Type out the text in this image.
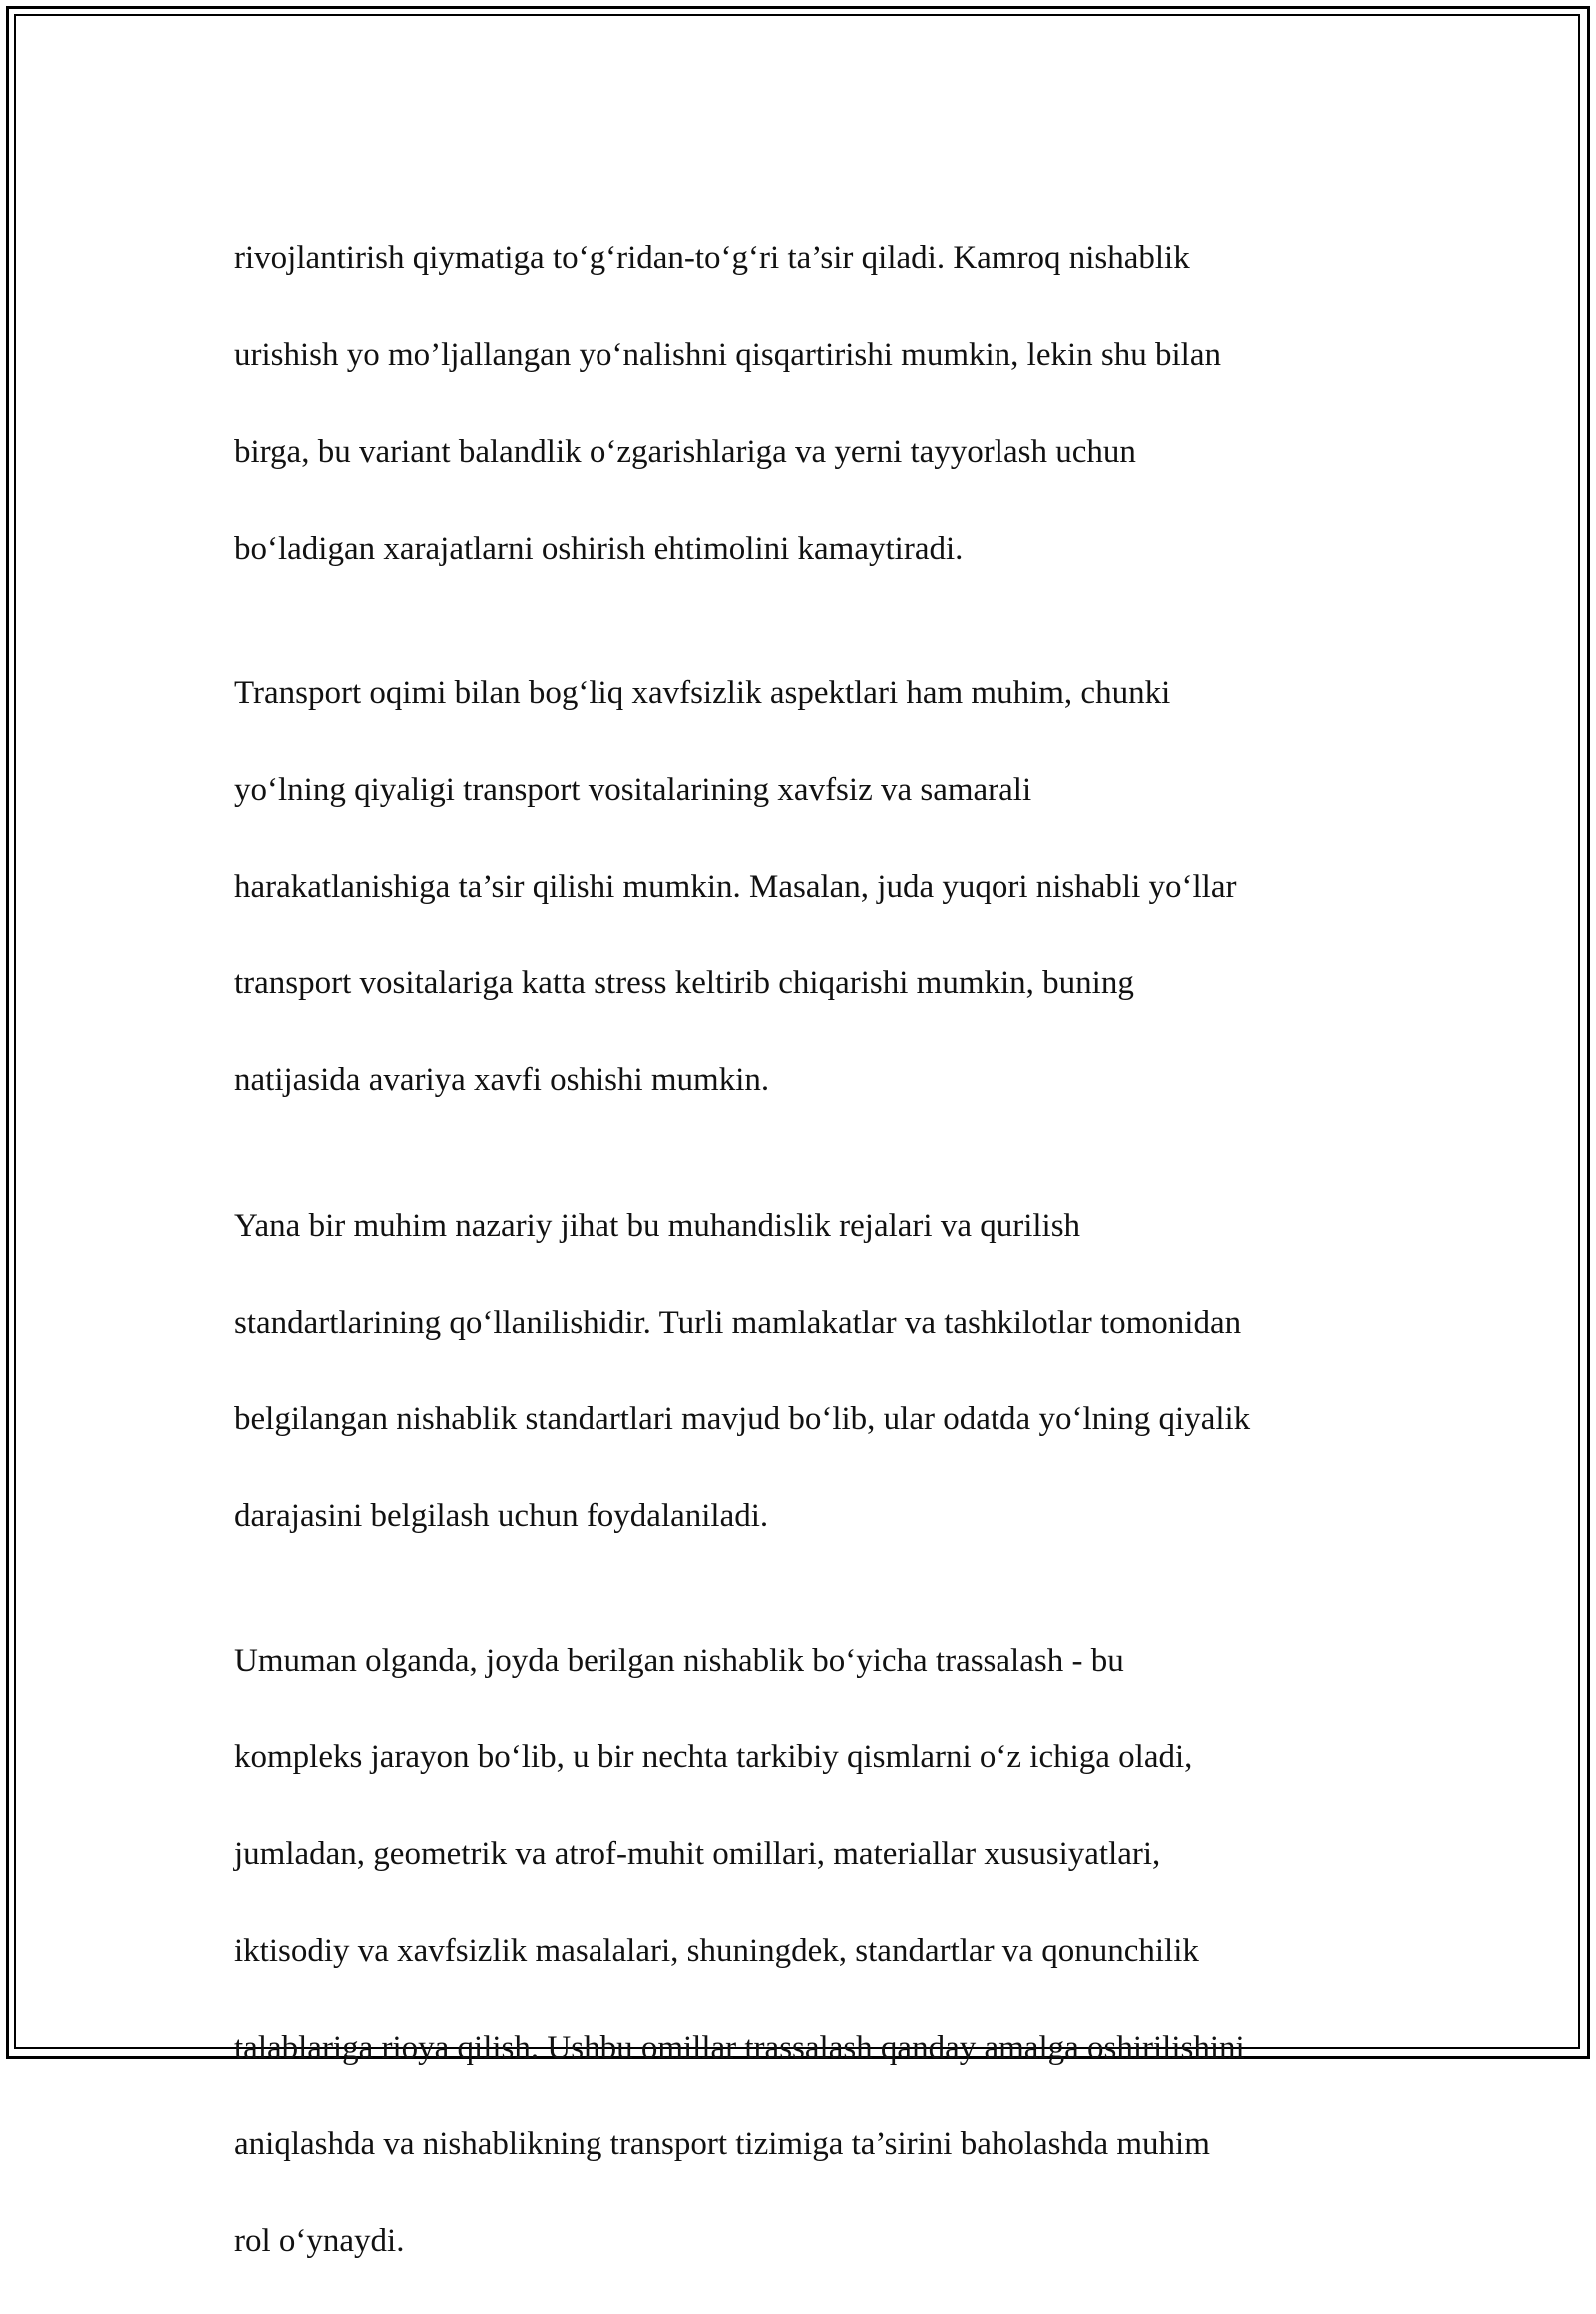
rivojlantirish qiymatiga to‘g‘ridan-to‘g‘ri ta’sir qiladi. Kamroq nishablik

urishish yo mo’ljallangan yo‘nalishni qisqartirishi mumkin, lekin shu bilan

birga, bu variant balandlik o‘zgarishlariga va yerni tayyorlash uchun

bo‘ladigan xarajatlarni oshirish ehtimolini kamaytiradi.

Transport oqimi bilan bog‘liq xavfsizlik aspektlari ham muhim, chunki

yo‘lning qiyaligi transport vositalarining xavfsiz va samarali

harakatlanishiga ta’sir qilishi mumkin. Masalan, juda yuqori nishabli yo‘llar

transport vositalariga katta stress keltirib chiqarishi mumkin, buning

natijasida avariya xavfi oshishi mumkin.

Yana bir muhim nazariy jihat bu muhandislik rejalari va qurilish

standartlarining qo‘llanilishidir. Turli mamlakatlar va tashkilotlar tomonidan

belgilangan nishablik standartlari mavjud bo‘lib, ular odatda yo‘lning qiyalik

darajasini belgilash uchun foydalaniladi.

Umuman olganda, joyda berilgan nishablik bo‘yicha trassalash - bu

kompleks jarayon bo‘lib, u bir nechta tarkibiy qismlarni o‘z ichiga oladi,

jumladan, geometrik va atrof-muhit omillari, materiallar xususiyatlari,

iktisodiy va xavfsizlik masalalari, shuningdek, standartlar va qonunchilik

talablariga rioya qilish. Ushbu omillar trassalash qanday amalga oshirilishini

aniqlashda va nishablikning transport tizimiga ta’sirini baholashda muhim

rol o‘ynaydi.
